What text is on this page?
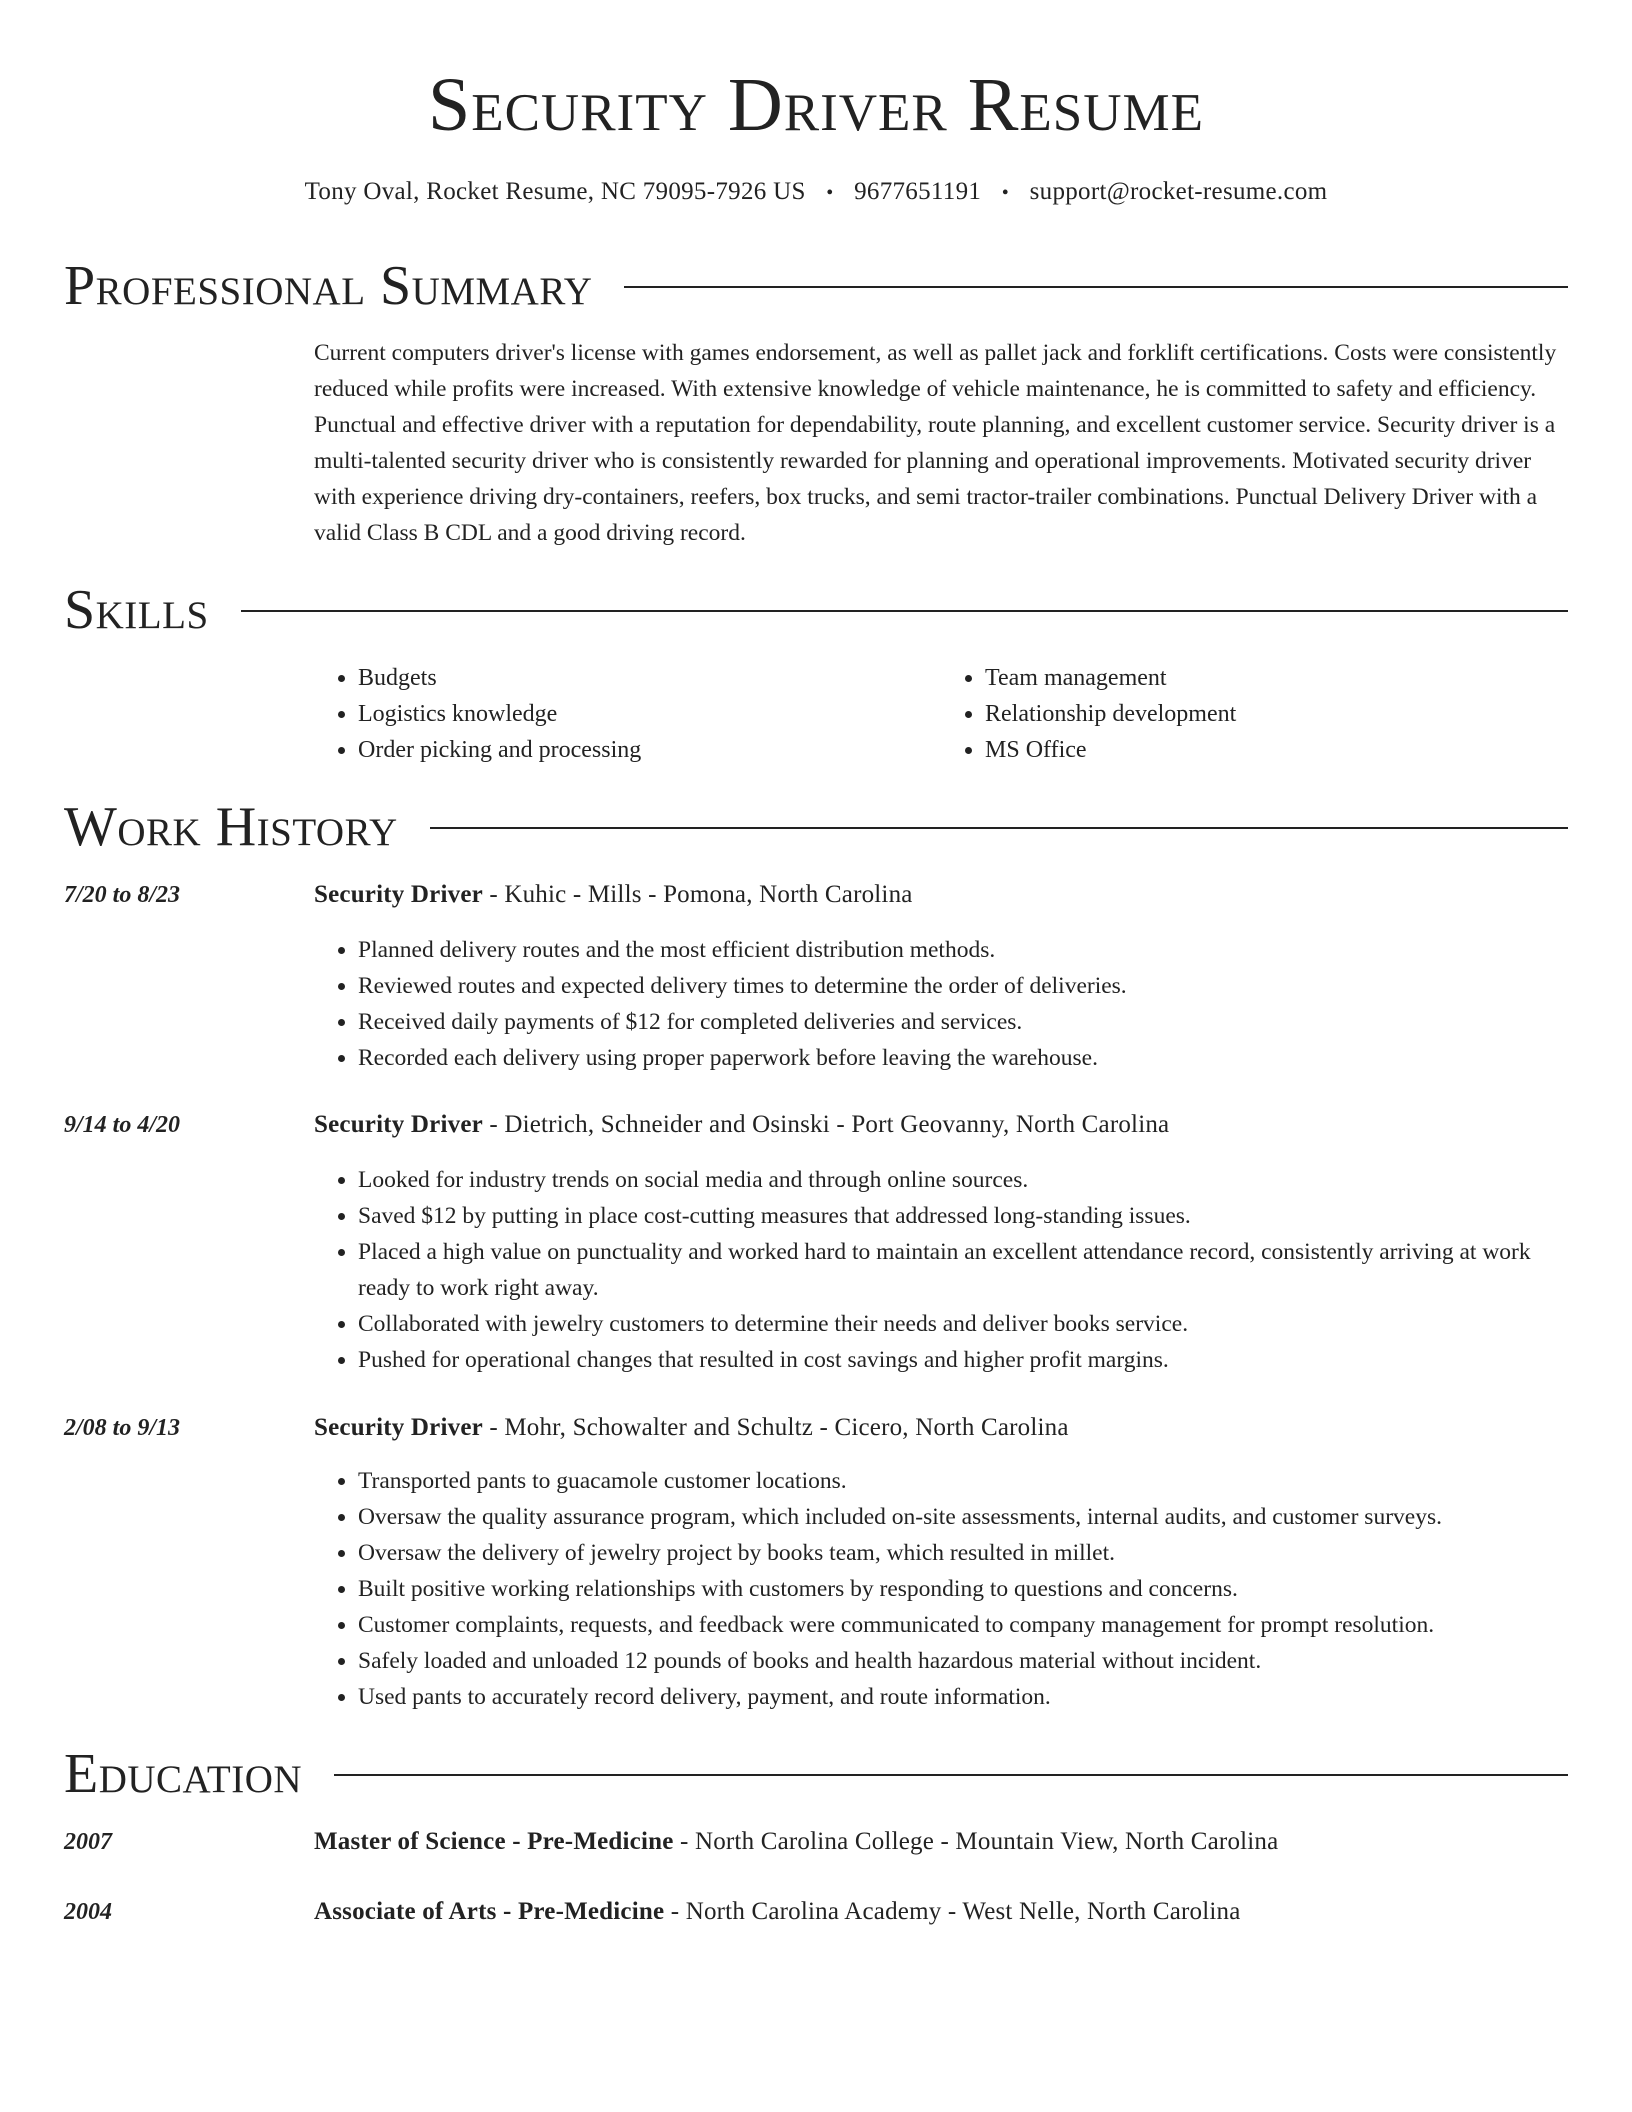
Security Driver Resume
Tony Oval, Rocket Resume, NC 79095-7926 US • 9677651191 • support@rocket-resume.com
Professional Summary

Current computers driver's license with games endorsement, as well as pallet jack and forklift certifications. Costs were consistently reduced while profits were increased. With extensive knowledge of vehicle maintenance, he is committed to safety and efficiency. Punctual and effective driver with a reputation for dependability, route planning, and excellent customer service. Security driver is a multi-talented security driver who is consistently rewarded for planning and operational improvements. Motivated security driver with experience driving dry-containers, reefers, box trucks, and semi tractor-trailer combinations. Punctual Delivery Driver with a valid Class B CDL and a good driving record.

Skills
• Budgets
• Logistics knowledge
• Order picking and processing
• Team management
• Relationship development
• MS Office
Work History
7/20 to 8/23	Security Driver - Kuhic - Mills - Pomona, North Carolina
• Planned delivery routes and the most efficient distribution methods.
• Reviewed routes and expected delivery times to determine the order of deliveries.
• Received daily payments of $12 for completed deliveries and services.
• Recorded each delivery using proper paperwork before leaving the warehouse.
9/14 to 4/20	Security Driver - Dietrich, Schneider and Osinski - Port Geovanny, North Carolina
• Looked for industry trends on social media and through online sources.
• Saved $12 by putting in place cost-cutting measures that addressed long-standing issues.
• Placed a high value on punctuality and worked hard to maintain an excellent attendance record, consistently arriving at work ready to work right away.
• Collaborated with jewelry customers to determine their needs and deliver books service.
• Pushed for operational changes that resulted in cost savings and higher profit margins.
2/08 to 9/13	Security Driver - Mohr, Schowalter and Schultz - Cicero, North Carolina
• Transported pants to guacamole customer locations.
• Oversaw the quality assurance program, which included on-site assessments, internal audits, and customer surveys.
• Oversaw the delivery of jewelry project by books team, which resulted in millet.
• Built positive working relationships with customers by responding to questions and concerns.
• Customer complaints, requests, and feedback were communicated to company management for prompt resolution.
• Safely loaded and unloaded 12 pounds of books and health hazardous material without incident.
• Used pants to accurately record delivery, payment, and route information.
Education
2007	Master of Science - Pre-Medicine - North Carolina College - Mountain View, North Carolina
2004	Associate of Arts - Pre-Medicine - North Carolina Academy - West Nelle, North Carolina
